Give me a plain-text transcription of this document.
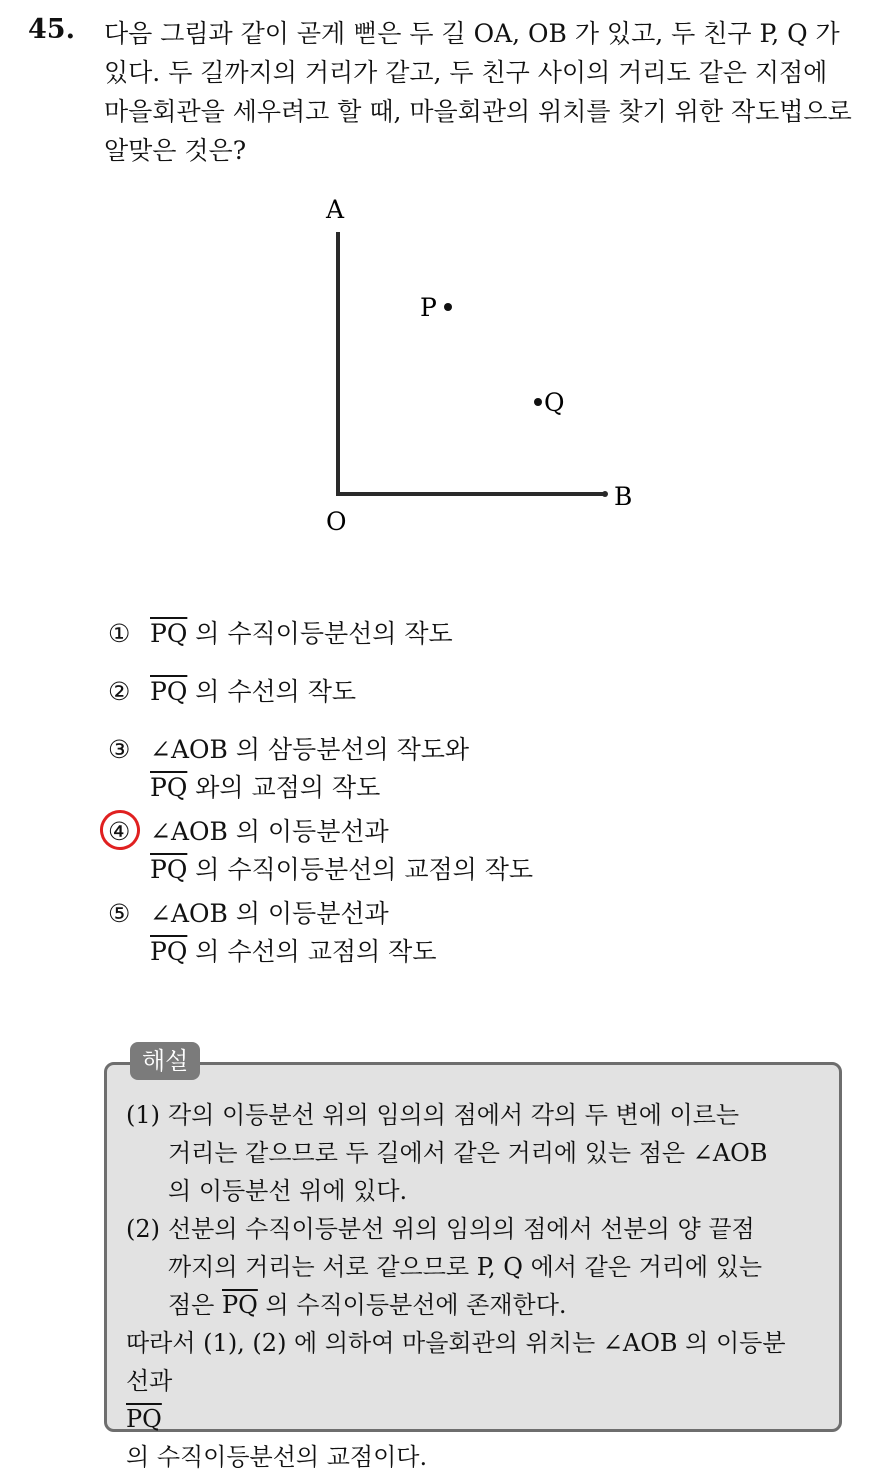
45. 다음 그림과 같이 곧게 뻗은 두 길 OA, OB 가 있고, 두 친구 P, Q 가
있다. 두 길까지의 거리가 같고, 두 친구 사이의 거리도 같은 지점에
마을회관을 세우려고 할 때, 마을회관의 위치를 찾기 위한 작도법으로
알맞은 것은?
A
O
B
P
Q
① $\overline{PQ}$ 의 수직이등분선의 작도
② $\overline{PQ}$ 의 수선의 작도
③ ∠AOB 의 삼등분선의 작도와
$\overline{PQ}$ 와의 교점의 작도
④ ∠AOB 의 이등분선과
$\overline{PQ}$ 의 수직이등분선의 교점의 작도
⑤ ∠AOB 의 이등분선과
$\overline{PQ}$ 의 수선의 교점의 작도
해설
(1) 각의 이등분선 위의 임의의 점에서 각의 두 변에 이르는
거리는 같으므로 두 길에서 같은 거리에 있는 점은 ∠AOB
의 이등분선 위에 있다.
(2) 선분의 수직이등분선 위의 임의의 점에서 선분의 양 끝점
까지의 거리는 서로 같으므로 P, Q 에서 같은 거리에 있는
점은 $\overline{PQ}$ 의 수직이등분선에 존재한다.
따라서 (1), (2) 에 의하여 마을회관의 위치는 ∠AOB 의 이등분
선과
$\overline{PQ}$
의 수직이등분선의 교점이다.
